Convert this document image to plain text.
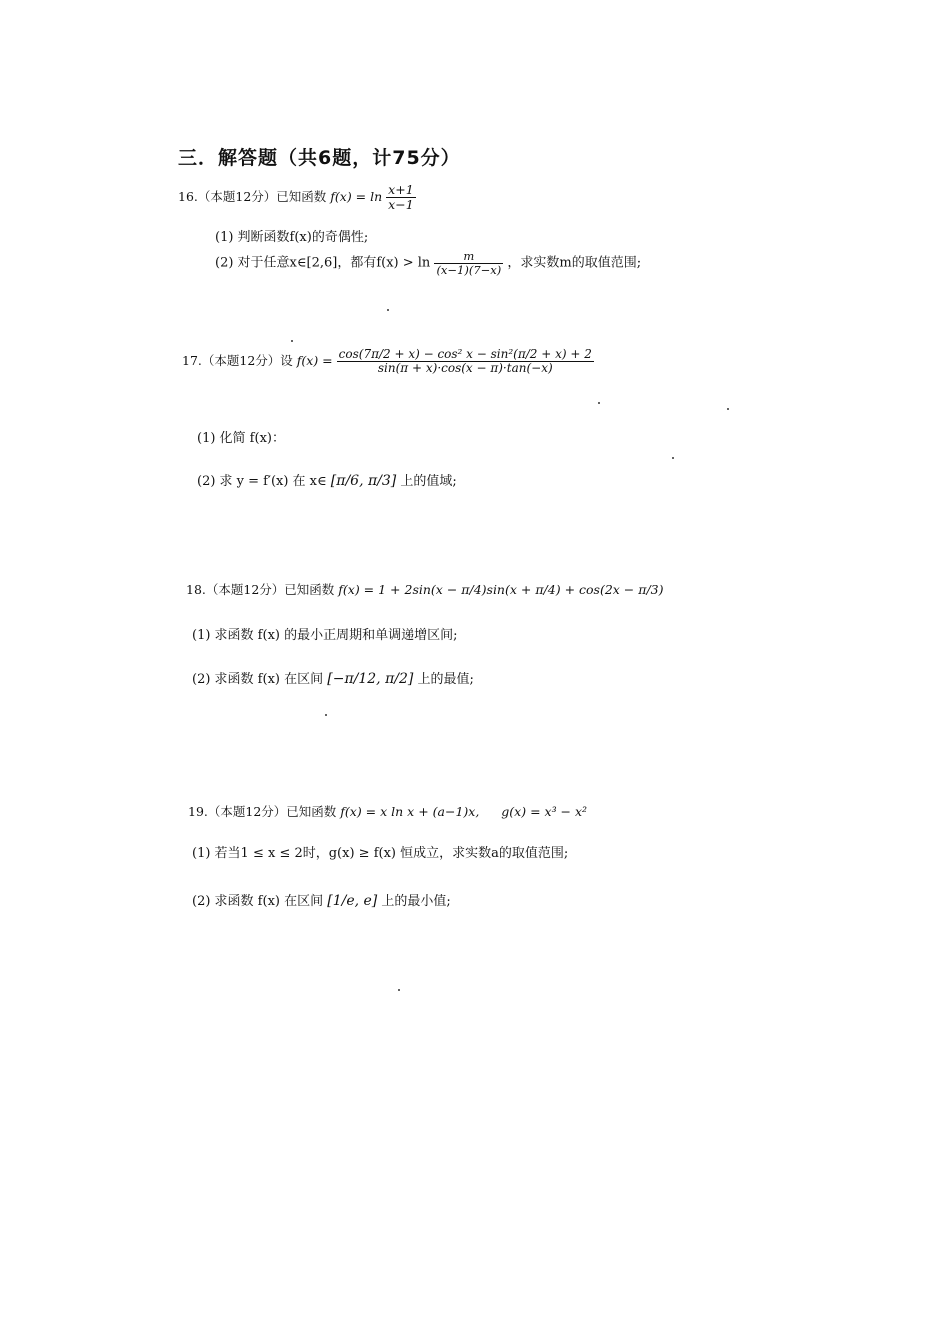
三．解答题（共6题，计75分）
16.（本题12分）已知函数 $f(x) = \ln \frac{x+1}{x-1}$
(1) 判断函数f(x)的奇偶性;
(2) 对于任意x∈[2,6]，都有$f(x) > \ln \frac{m}{(x-1)(7-x)}$ ，求实数m的取值范围;
17.（本题12分）设 $f(x) = \frac{\text{cos(7π/2 + x) − cos² x − sin²(π/2 + x) + 2}}{\sin(\pi + x)\cdot\cos(x - \pi)\cdot\tan(-x)}$
(1) 化简 f(x)：
(2) 求 y = f′(x) 在 x∈ [π/6, π/3] 上的值域;
18.（本题12分）已知函数 f(x) = 1 + 2sin(x − π/4)sin(x + π/4) + cos(2x − π/3)
(1) 求函数 f(x) 的最小正周期和单调递增区间;
(2) 求函数 f(x) 在区间 [−π/12, π/2] 上的最值;
19.（本题12分）已知函数 f(x) = x ln x + (a−1)x, g(x) = x³ − x²
(1) 若当1 ≤ x ≤ 2时，g(x) ≥ f(x) 恒成立，求实数a的取值范围;
(2) 求函数 f(x) 在区间 [1/e, e] 上的最小值;
